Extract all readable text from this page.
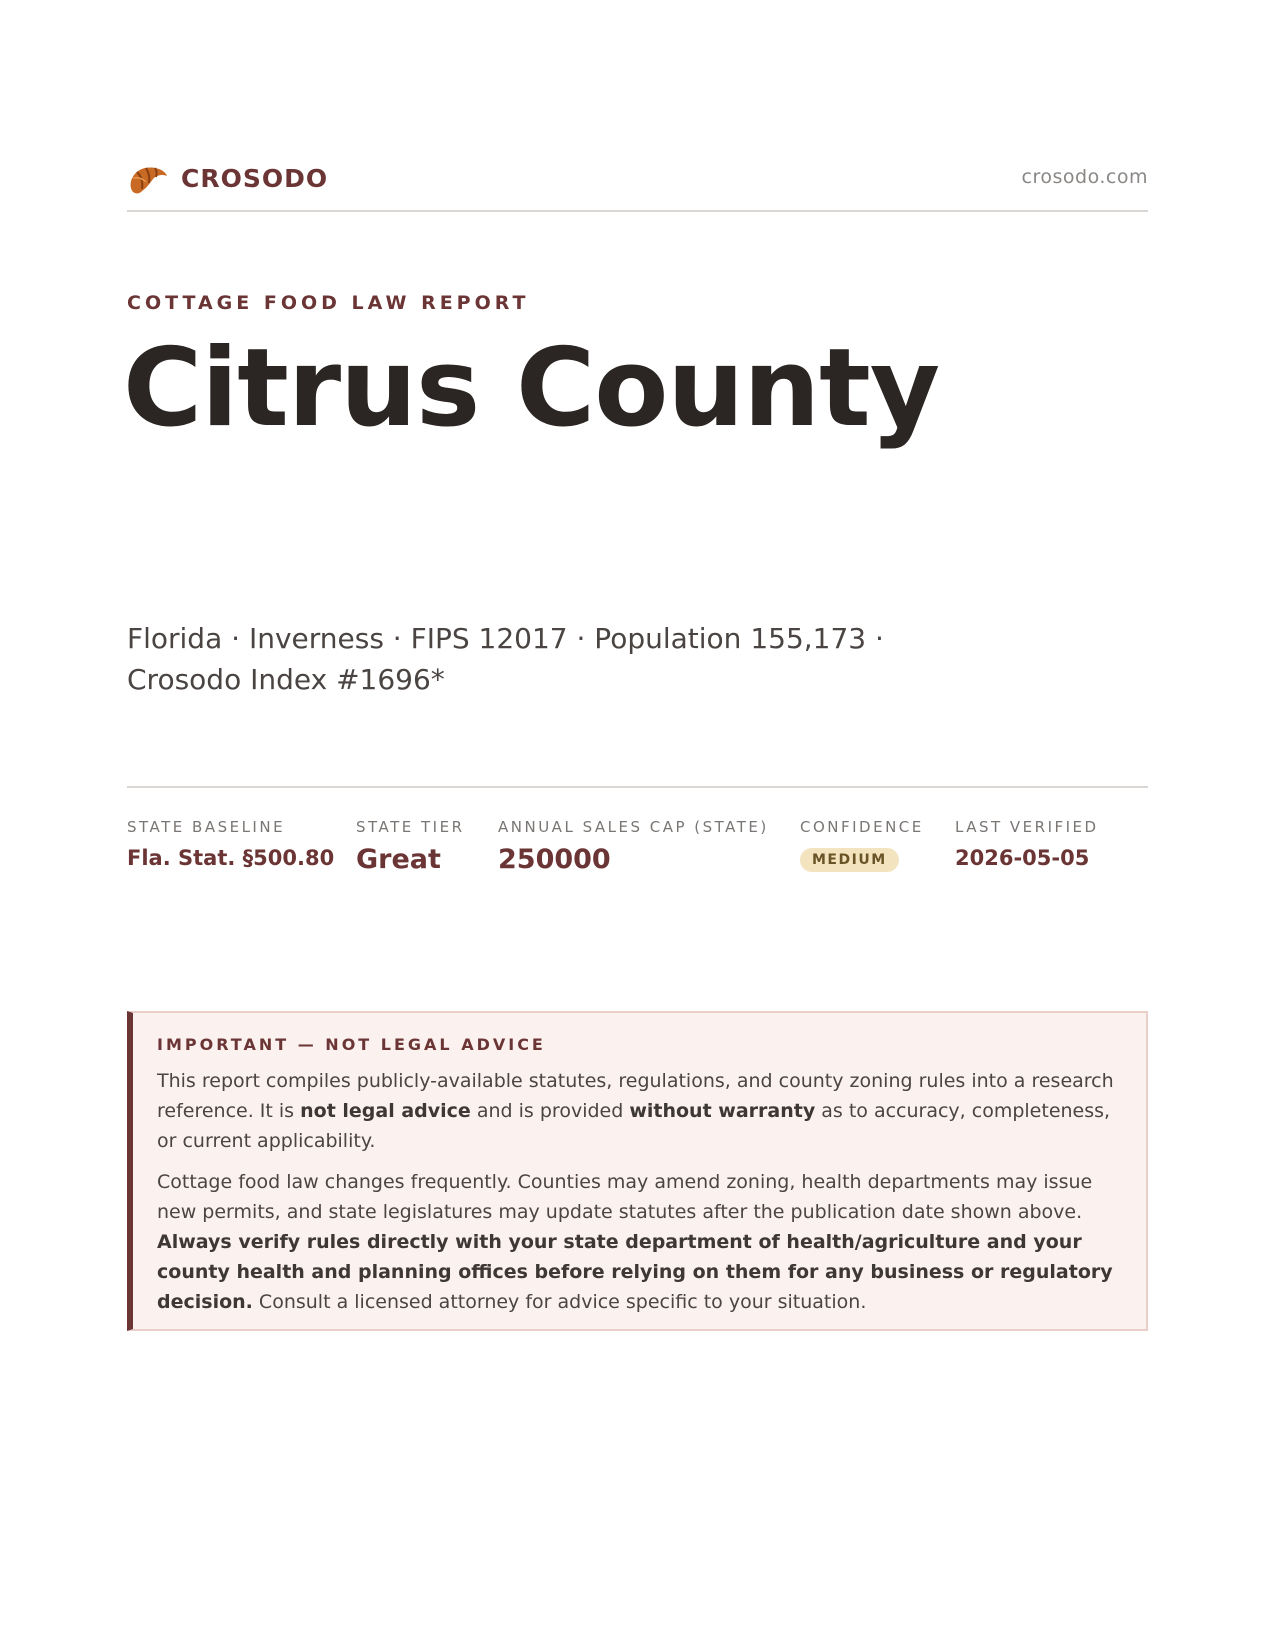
CROSODO	crosodo.com
COTTAGE FOOD LAW REPORT
Citrus County
Florida · Inverness · FIPS 12017 · Population 155,173 ·
Crosodo Index #1696*
STATE BASELINE
Fla. Stat. §500.80
STATE TIER
Great
ANNUAL SALES CAP (STATE)
250000
CONFIDENCE
MEDIUM
LAST VERIFIED
2026-05-05
IMPORTANT — NOT LEGAL ADVICE

This report compiles publicly-available statutes, regulations, and county zoning rules into a research reference. It is not legal advice and is provided without warranty as to accuracy, completeness, or current applicability.

Cottage food law changes frequently. Counties may amend zoning, health departments may issue new permits, and state legislatures may update statutes after the publication date shown above. Always verify rules directly with your state department of health/agriculture and your county health and planning offices before relying on them for any business or regulatory decision. Consult a licensed attorney for advice specific to your situation.
